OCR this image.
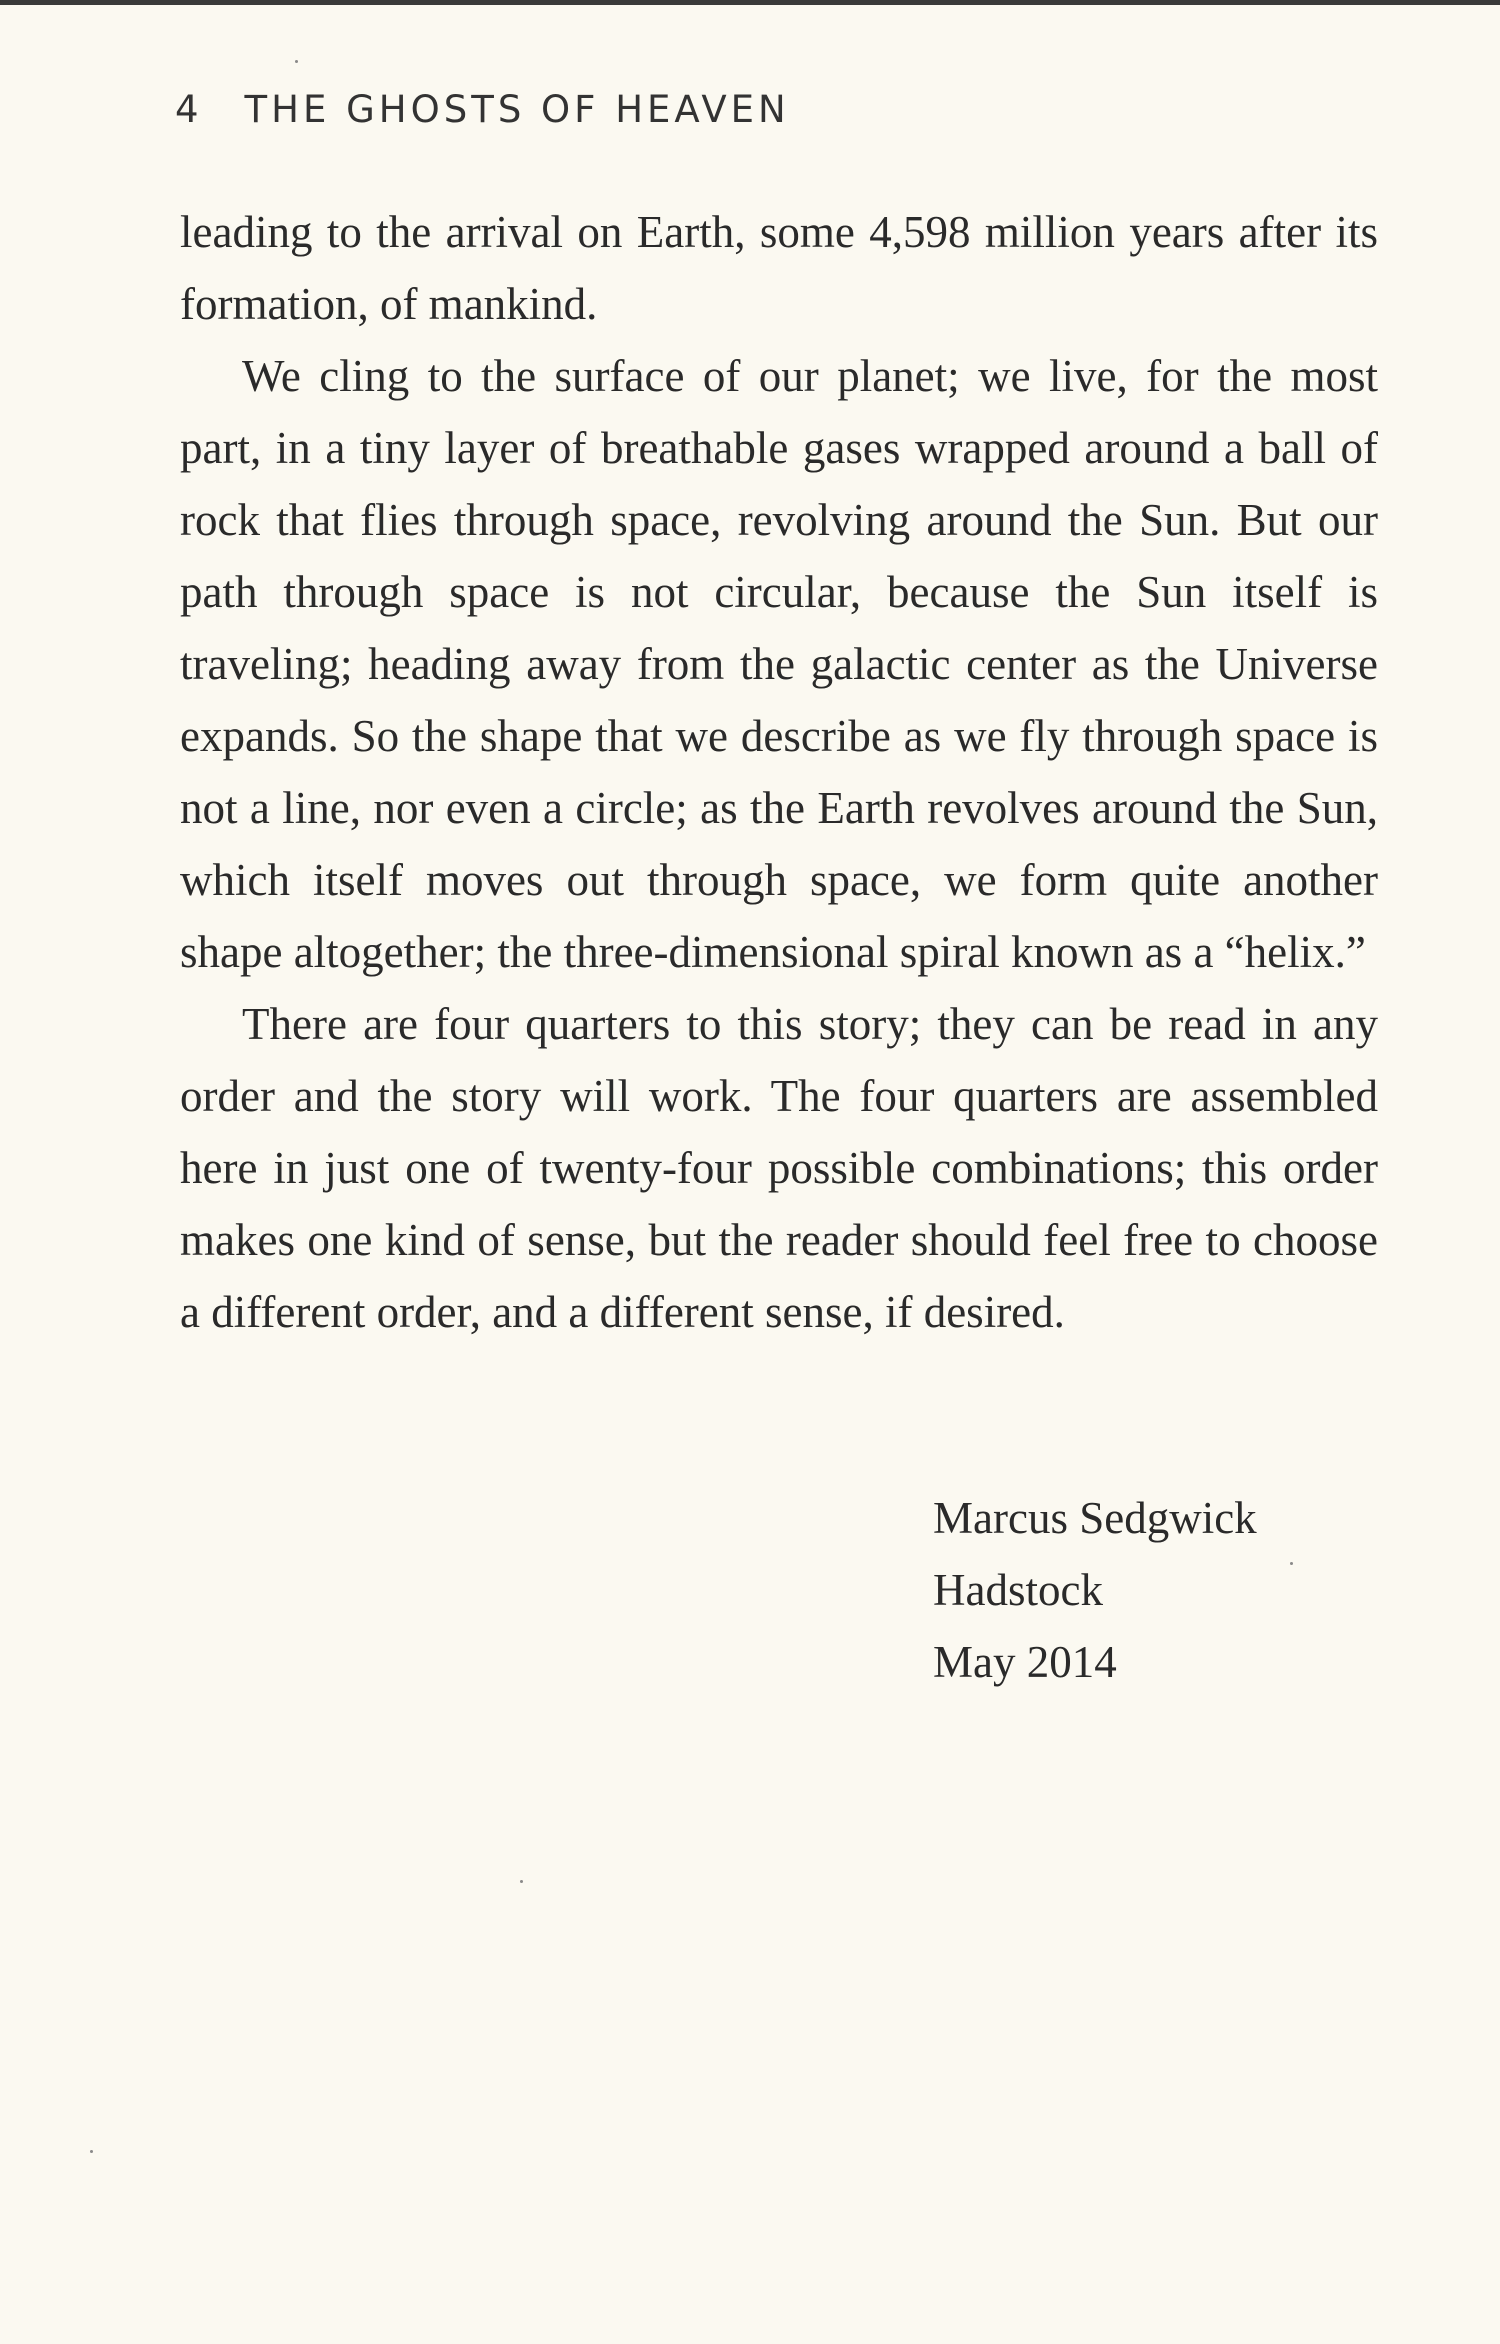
4 THE GHOSTS OF HEAVEN

leading to the arrival on Earth, some 4,598 million years after its formation, of mankind.

We cling to the surface of our planet; we live, for the most part, in a tiny layer of breathable gases wrapped around a ball of rock that flies through space, revolving around the Sun. But our path through space is not circular, because the Sun itself is traveling; heading away from the galactic center as the Universe expands. So the shape that we describe as we fly through space is not a line, nor even a circle; as the Earth revolves around the Sun, which itself moves out through space, we form quite another shape altogether; the three-dimensional spiral known as a “helix.”

There are four quarters to this story; they can be read in any order and the story will work. The four quarters are assembled here in just one of twenty-four possible combinations; this order makes one kind of sense, but the reader should feel free to choose a different order, and a different sense, if desired.

Marcus Sedgwick
Hadstock
May 2014
